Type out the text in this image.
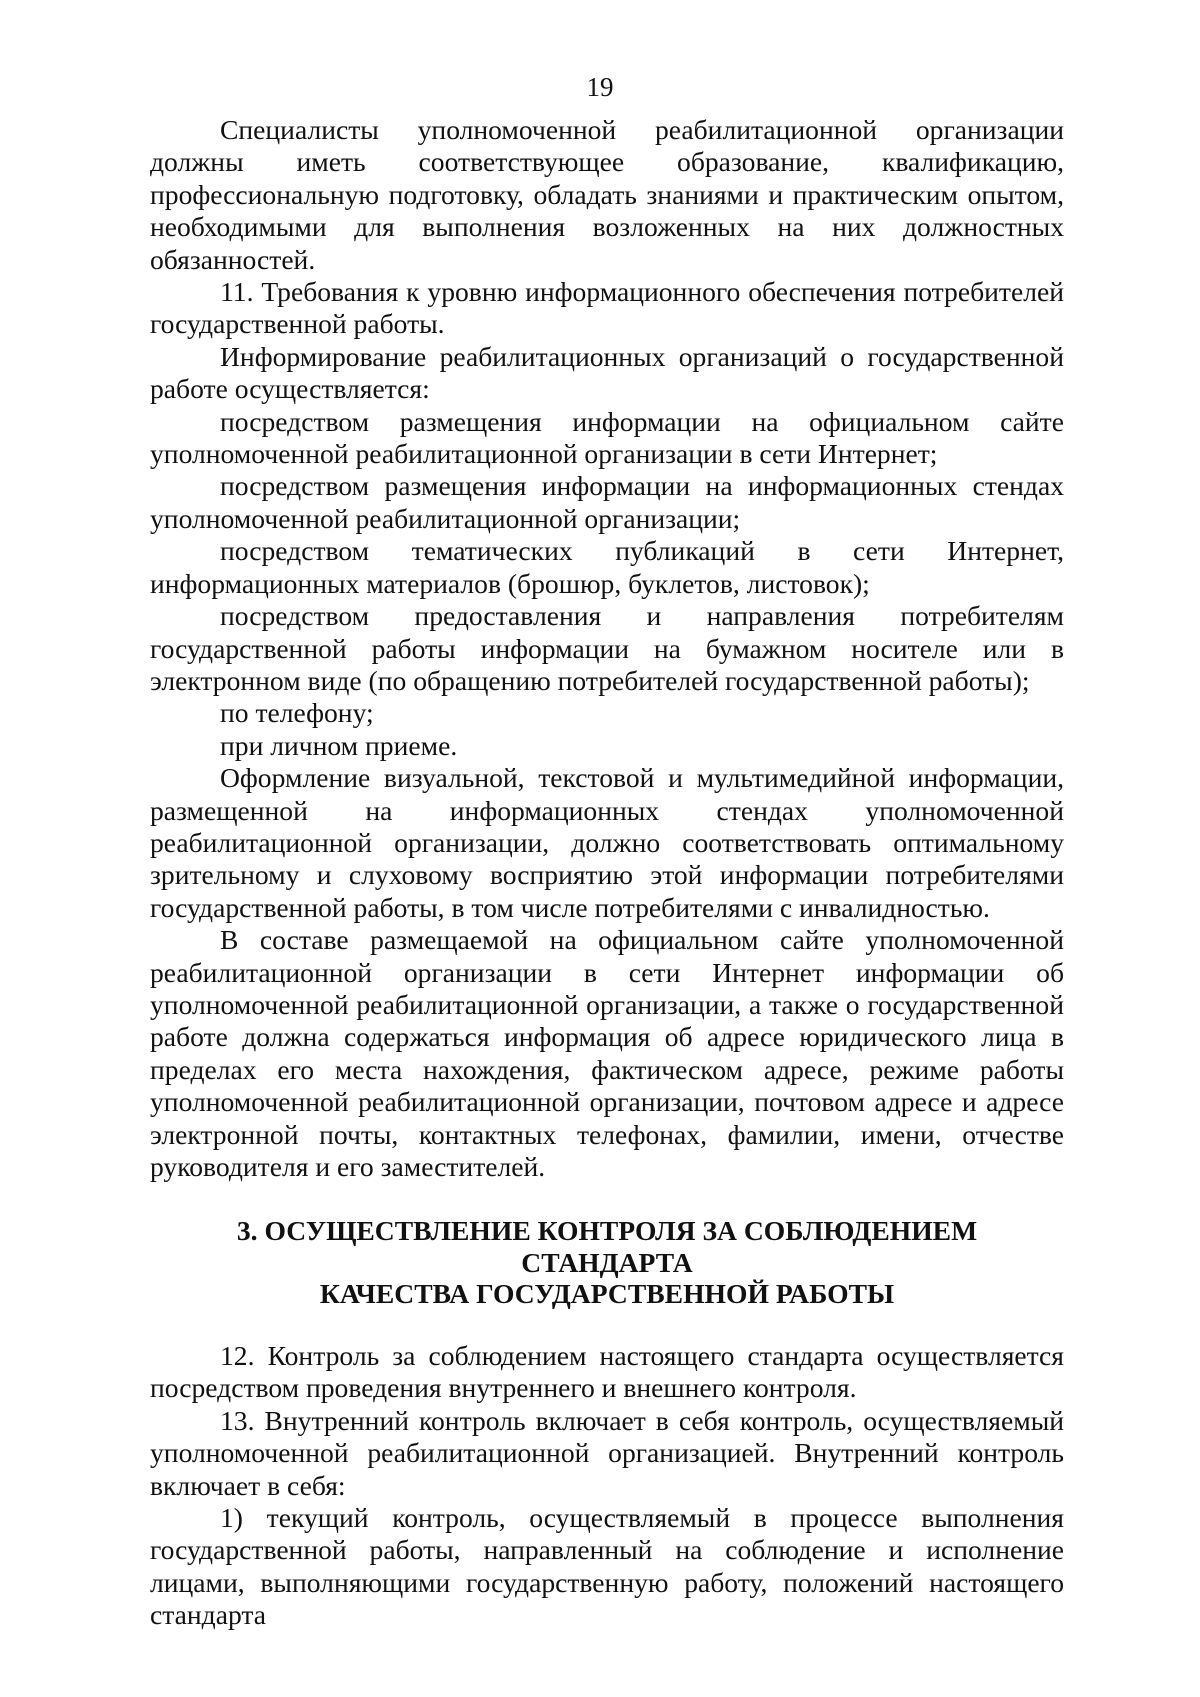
19

Специалисты уполномоченной реабилитационной организации должны иметь соответствующее образование, квалификацию, профессиональную подготовку, обладать знаниями и практическим опытом, необходимыми для выполнения возложенных на них должностных обязанностей.

11. Требования к уровню информационного обеспечения потребителей государственной работы.

Информирование реабилитационных организаций о государственной работе осуществляется:

посредством размещения информации на официальном сайте уполномоченной реабилитационной организации в сети Интернет;

посредством размещения информации на информационных стендах уполномоченной реабилитационной организации;

посредством тематических публикаций в сети Интернет, информационных материалов (брошюр, буклетов, листовок);

посредством предоставления и направления потребителям государственной работы информации на бумажном носителе или в электронном виде (по обращению потребителей государственной работы);

по телефону;

при личном приеме.

Оформление визуальной, текстовой и мультимедийной информации, размещенной на информационных стендах уполномоченной реабилитационной организации, должно соответствовать оптимальному зрительному и слуховому восприятию этой информации потребителями государственной работы, в том числе потребителями с инвалидностью.

В составе размещаемой на официальном сайте уполномоченной реабилитационной организации в сети Интернет информации об уполномоченной реабилитационной организации, а также о государственной работе должна содержаться информация об адресе юридического лица в пределах его места нахождения, фактическом адресе, режиме работы уполномоченной реабилитационной организации, почтовом адресе и адресе электронной почты, контактных телефонах, фамилии, имени, отчестве руководителя и его заместителей.

3. ОСУЩЕСТВЛЕНИЕ КОНТРОЛЯ ЗА СОБЛЮДЕНИЕМ СТАНДАРТА
КАЧЕСТВА ГОСУДАРСТВЕННОЙ РАБОТЫ

12. Контроль за соблюдением настоящего стандарта осуществляется посредством проведения внутреннего и внешнего контроля.

13. Внутренний контроль включает в себя контроль, осуществляемый уполномоченной реабилитационной организацией. Внутренний контроль включает в себя:

1) текущий контроль, осуществляемый в процессе выполнения государственной работы, направленный на соблюдение и исполнение лицами, выполняющими государственную работу, положений настоящего стандарта
